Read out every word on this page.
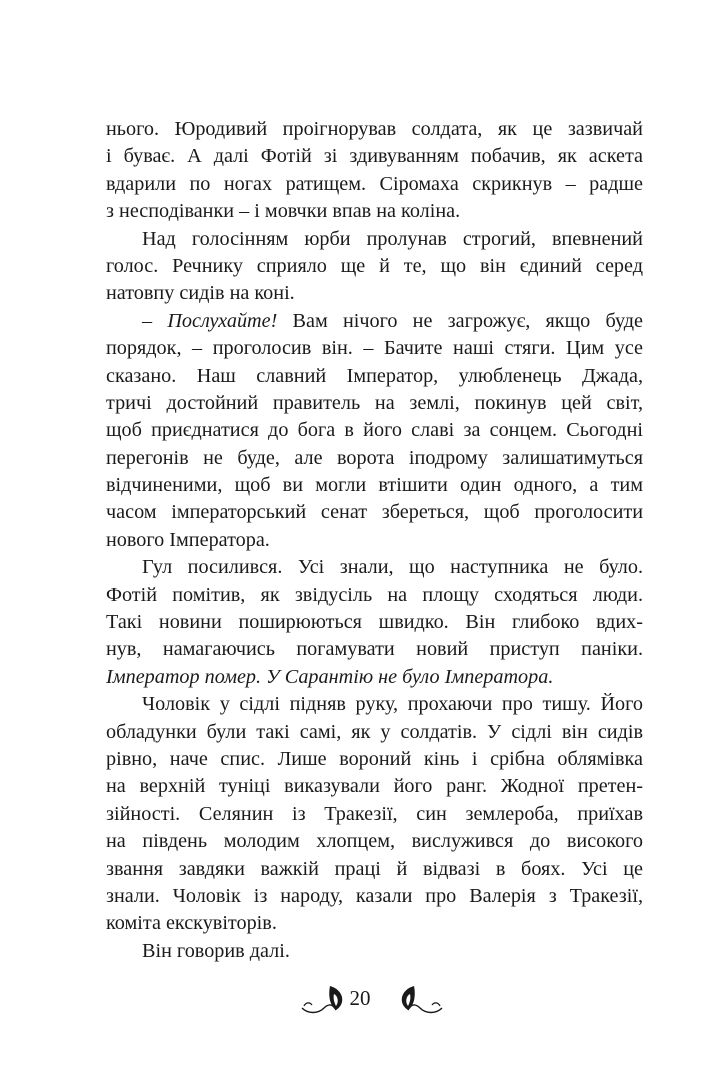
нього. Юродивий проігнорував солдата, як це зазвичай
і буває. А далі Фотій зі здивуванням побачив, як аскета
вдарили по ногах ратищем. Сіромаха скрикнув – радше
з несподіванки – і мовчки впав на коліна.
Над голосінням юрби пролунав строгий, впевнений
голос. Речнику сприяло ще й те, що він єдиний серед
натовпу сидів на коні.
– Послухайте! Вам нічого не загрожує, якщо буде
порядок, – проголосив він. – Бачите наші стяги. Цим усе
сказано. Наш славний Імператор, улюбленець Джада,
тричі достойний правитель на землі, покинув цей світ,
щоб приєднатися до бога в його славі за сонцем. Сьогодні
перегонів не буде, але ворота іподрому залишатимуться
відчиненими, щоб ви могли втішити один одного, а тим
часом імператорський сенат збереться, щоб проголосити
нового Імператора.
Гул посилився. Усі знали, що наступника не було.
Фотій помітив, як звідусіль на площу сходяться люди.
Такі новини поширюються швидко. Він глибоко вдих-
нув, намагаючись погамувати новий приступ паніки.
Імператор помер. У Сарантію не було Імператора.
Чоловік у сідлі підняв руку, прохаючи про тишу. Його
обладунки були такі самі, як у солдатів. У сідлі він сидів
рівно, наче спис. Лише вороний кінь і срібна облямівка
на верхній туніці виказували його ранг. Жодної претен-
зійності. Селянин із Тракезії, син землероба, приїхав
на південь молодим хлопцем, вислужився до високого
звання завдяки важкій праці й відвазі в боях. Усі це
знали. Чоловік із народу, казали про Валерія з Тракезії,
коміта екскувіторів.
Він говорив далі.
20
